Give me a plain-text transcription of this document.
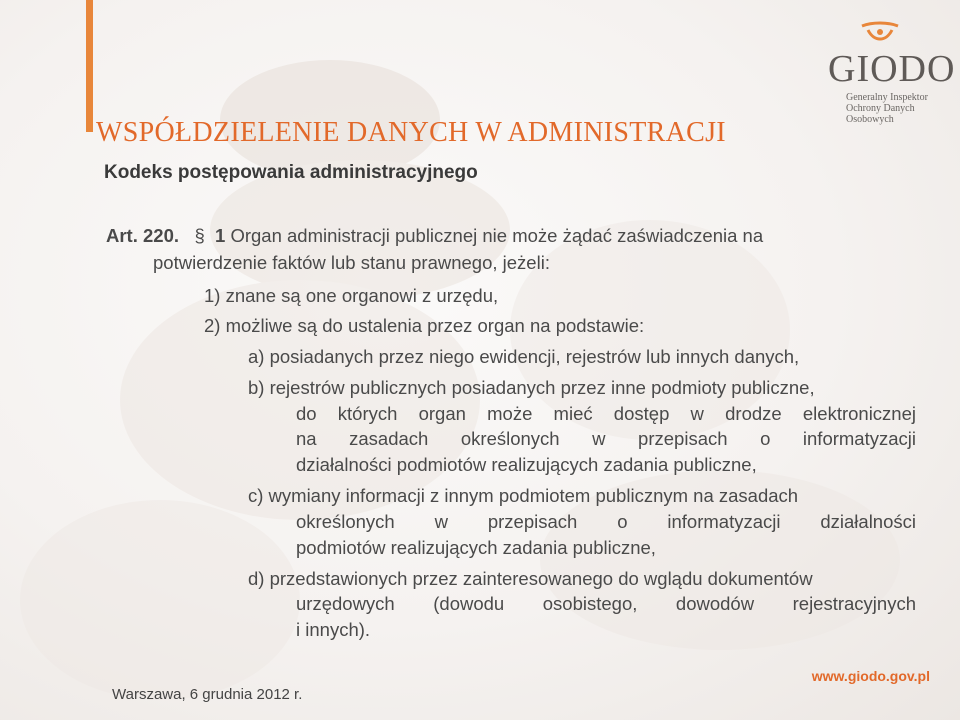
GIODO
Generalny Inspektor
Ochrony Danych Osobowych
WSPÓŁDZIELENIE DANYCH W ADMINISTRACJI
Kodeks postępowania administracyjnego
Art. 220. § 1 Organ administracji publicznej nie może żądać zaświadczenia na
potwierdzenie faktów lub stanu prawnego, jeżeli:
1) znane są one organowi z urzędu,
2) możliwe są do ustalenia przez organ na podstawie:
a) posiadanych przez niego ewidencji, rejestrów lub innych danych,
b) rejestrów publicznych posiadanych przez inne podmioty publiczne,
do których organ może mieć dostęp w drodze elektronicznej
na zasadach określonych w przepisach o informatyzacji
działalności podmiotów realizujących zadania publiczne,
c) wymiany informacji z innym podmiotem publicznym na zasadach
określonych w przepisach o informatyzacji działalności
podmiotów realizujących zadania publiczne,
d) przedstawionych przez zainteresowanego do wglądu dokumentów
urzędowych (dowodu osobistego, dowodów rejestracyjnych
i innych).
Warszawa, 6 grudnia 2012 r.
www.giodo.gov.pl
